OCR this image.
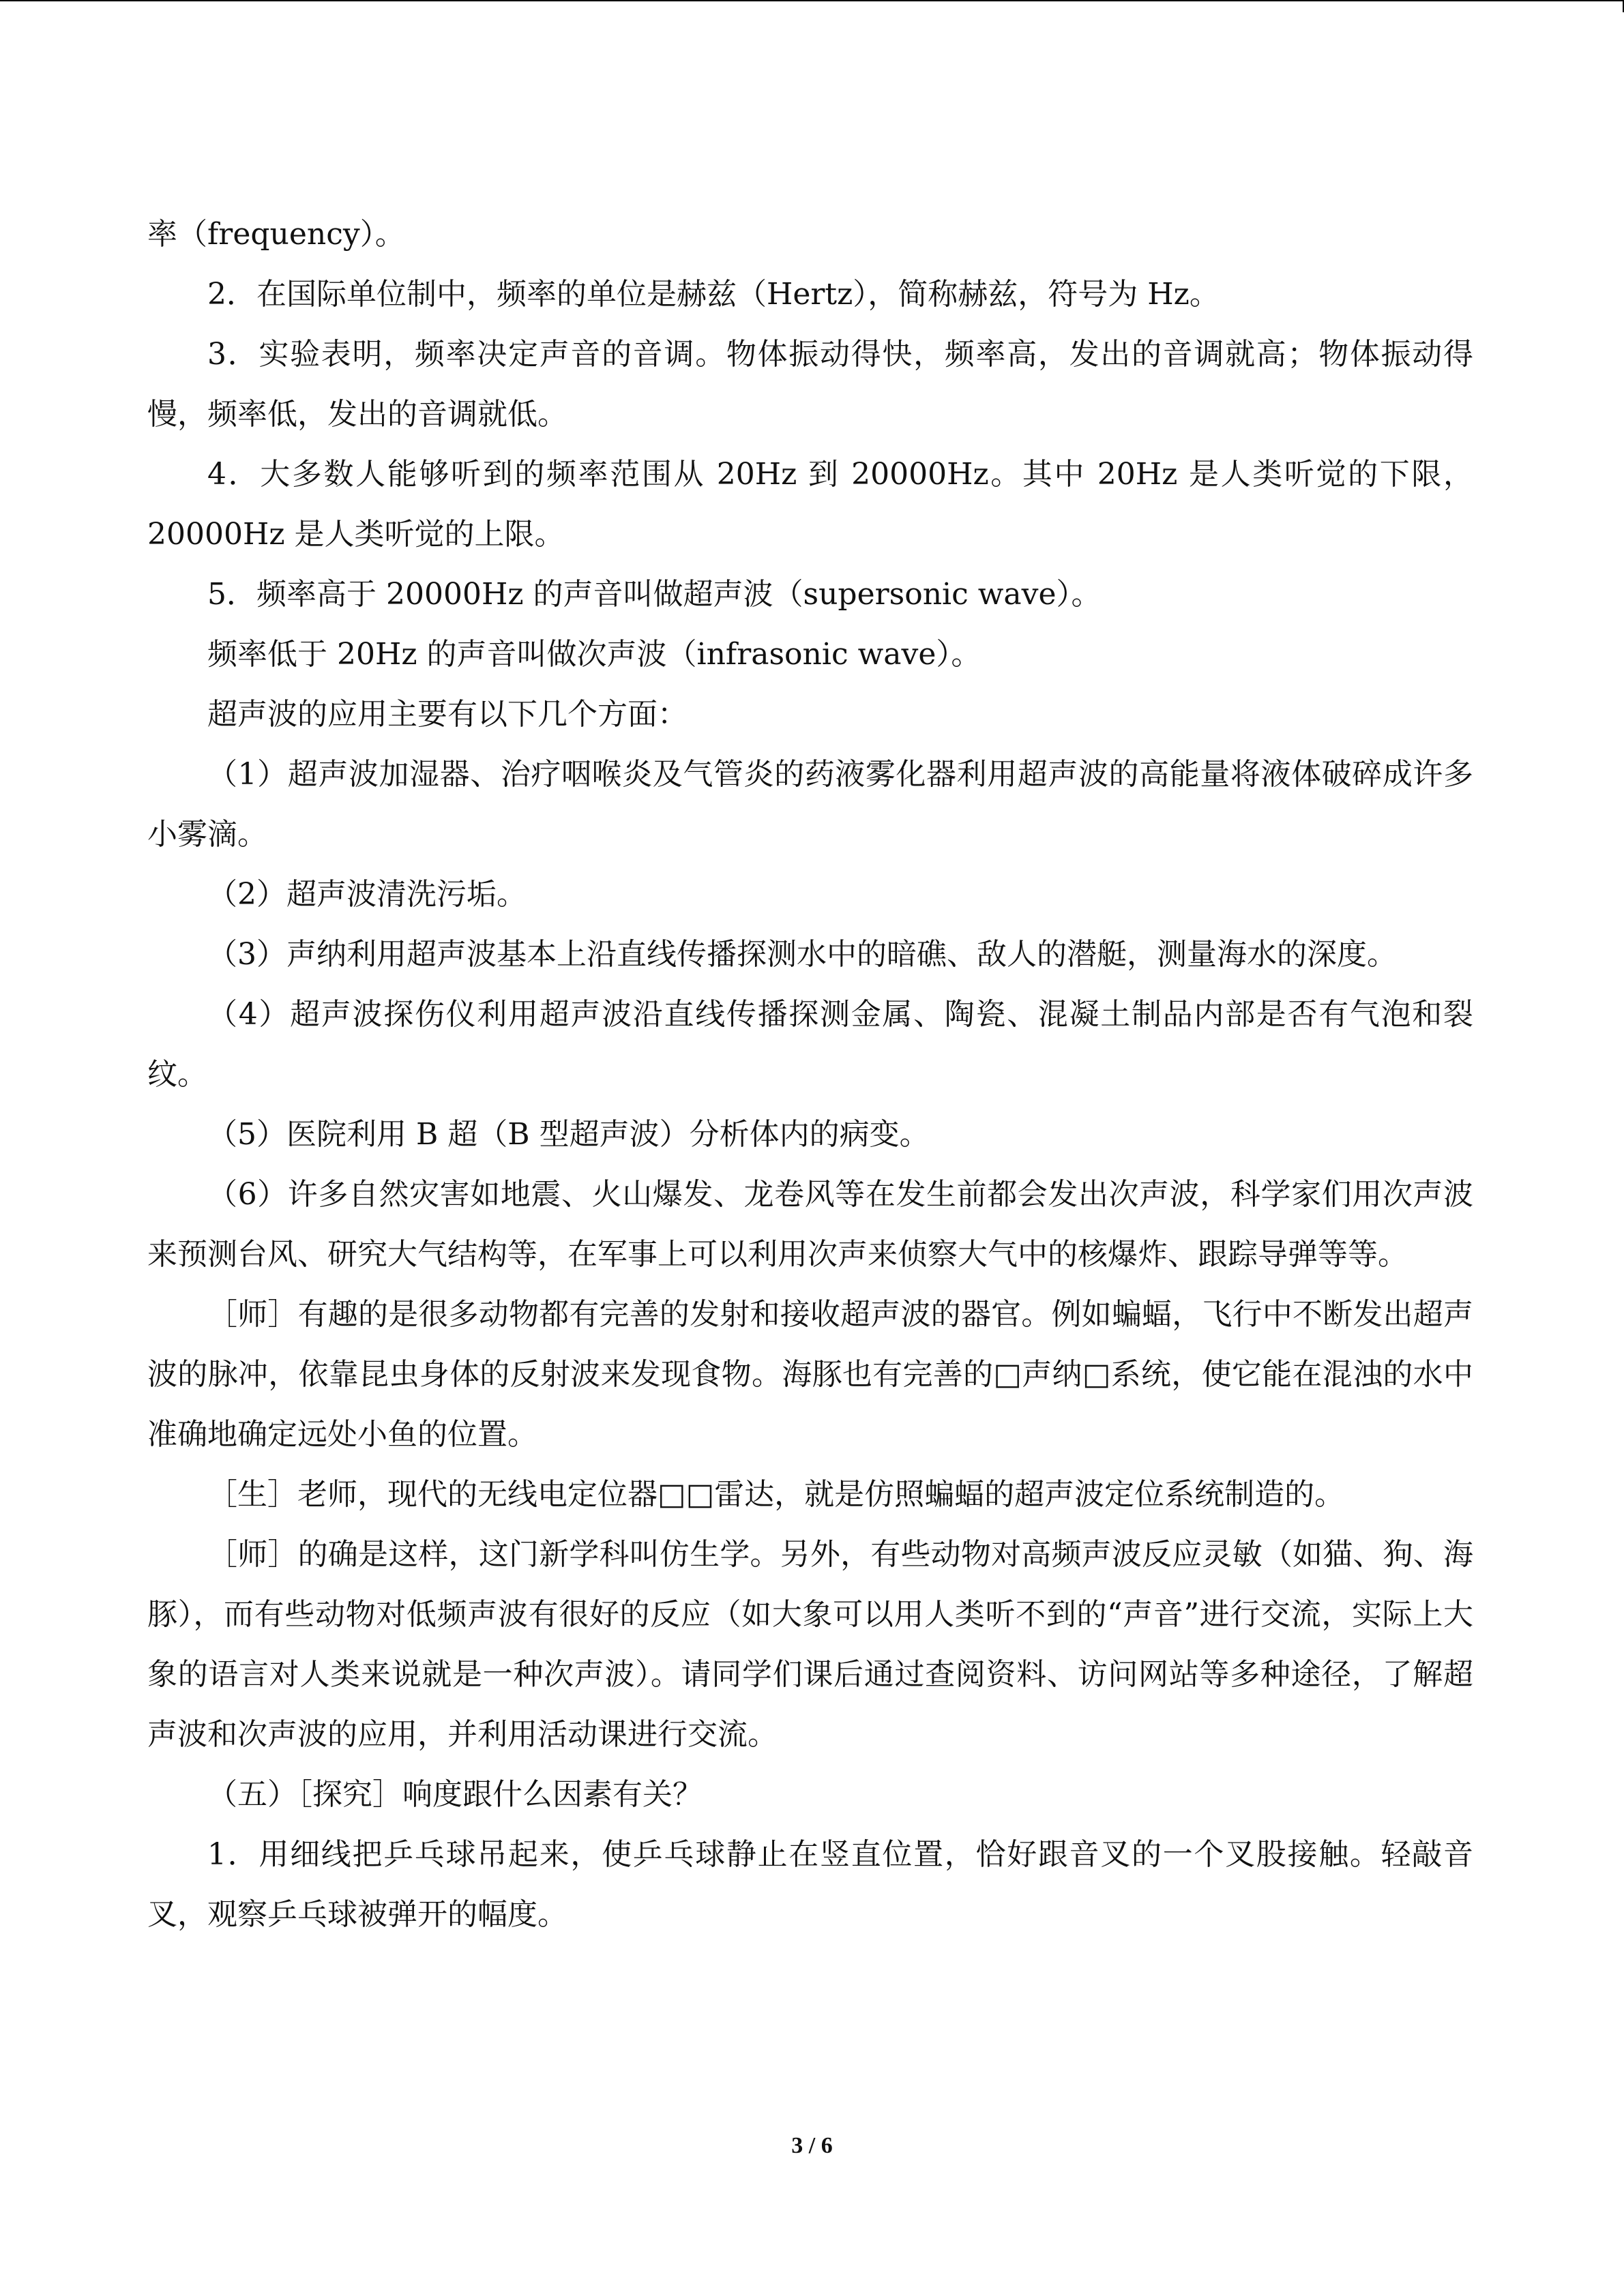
率（frequency）。

2．在国际单位制中，频率的单位是赫兹（Hertz），简称赫兹，符号为 Hz。

3．实验表明，频率决定声音的音调。物体振动得快，频率高，发出的音调就高；物体振动得慢，频率低，发出的音调就低。

4．大多数人能够听到的频率范围从 20Hz 到 20000Hz。其中 20Hz 是人类听觉的下限，20000Hz 是人类听觉的上限。

5．频率高于 20000Hz 的声音叫做超声波（supersonic wave）。

频率低于 20Hz 的声音叫做次声波（infrasonic wave）。

超声波的应用主要有以下几个方面：

（1）超声波加湿器、治疗咽喉炎及气管炎的药液雾化器利用超声波的高能量将液体破碎成许多小雾滴。

（2）超声波清洗污垢。

（3）声纳利用超声波基本上沿直线传播探测水中的暗礁、敌人的潜艇，测量海水的深度。

（4）超声波探伤仪利用超声波沿直线传播探测金属、陶瓷、混凝土制品内部是否有气泡和裂纹。

（5）医院利用 B 超（B 型超声波）分析体内的病变。

（6）许多自然灾害如地震、火山爆发、龙卷风等在发生前都会发出次声波，科学家们用次声波来预测台风、研究大气结构等，在军事上可以利用次声来侦察大气中的核爆炸、跟踪导弹等等。

［师］有趣的是很多动物都有完善的发射和接收超声波的器官。例如蝙蝠，飞行中不断发出超声波的脉冲，依靠昆虫身体的反射波来发现食物。海豚也有完善的□声纳□系统，使它能在混浊的水中准确地确定远处小鱼的位置。

［生］老师，现代的无线电定位器□□雷达，就是仿照蝙蝠的超声波定位系统制造的。

［师］的确是这样，这门新学科叫仿生学。另外，有些动物对高频声波反应灵敏（如猫、狗、海豚），而有些动物对低频声波有很好的反应（如大象可以用人类听不到的“声音”进行交流，实际上大象的语言对人类来说就是一种次声波）。请同学们课后通过查阅资料、访问网站等多种途径，了解超声波和次声波的应用，并利用活动课进行交流。

（五）［探究］响度跟什么因素有关？

1．用细线把乒乓球吊起来，使乒乓球静止在竖直位置，恰好跟音叉的一个叉股接触。轻敲音叉，观察乒乓球被弹开的幅度。

3 / 6
